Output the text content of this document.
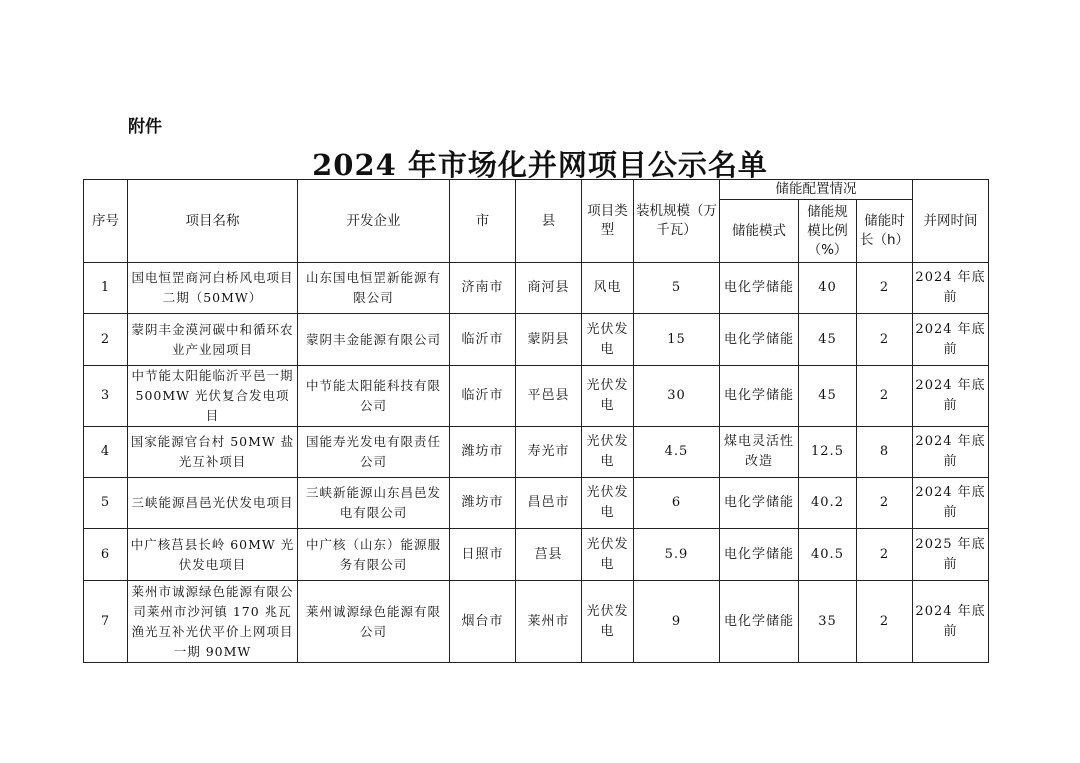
附件
2024 年市场化并网项目公示名单
序号	项目名称	开发企业	市	县	项目类型	装机规模（万千瓦）	储能配置情况			并网时间
							储能模式	储能规模比例（%）	储能时长（h）	
1	国电恒罡商河白桥风电项目二期（50MW）	山东国电恒罡新能源有限公司	济南市	商河县	风电	5	电化学储能	40	2	2024 年底前
2	蒙阴丰金漠河碳中和循环农业产业园项目	蒙阴丰金能源有限公司	临沂市	蒙阴县	光伏发电	15	电化学储能	45	2	2024 年底前
3	中节能太阳能临沂平邑一期 500MW 光伏复合发电项目	中节能太阳能科技有限公司	临沂市	平邑县	光伏发电	30	电化学储能	45	2	2024 年底前
4	国家能源官台村 50MW 盐光互补项目	国能寿光发电有限责任公司	潍坊市	寿光市	光伏发电	4.5	煤电灵活性改造	12.5	8	2024 年底前
5	三峡能源昌邑光伏发电项目	三峡新能源山东昌邑发电有限公司	潍坊市	昌邑市	光伏发电	6	电化学储能	40.2	2	2024 年底前
6	中广核莒县长岭 60MW 光伏发电项目	中广核（山东）能源服务有限公司	日照市	莒县	光伏发电	5.9	电化学储能	40.5	2	2025 年底前
7	莱州市诚源绿色能源有限公司莱州市沙河镇 170 兆瓦渔光互补光伏平价上网项目一期 90MW	莱州诚源绿色能源有限公司	烟台市	莱州市	光伏发电	9	电化学储能	35	2	2024 年底前
